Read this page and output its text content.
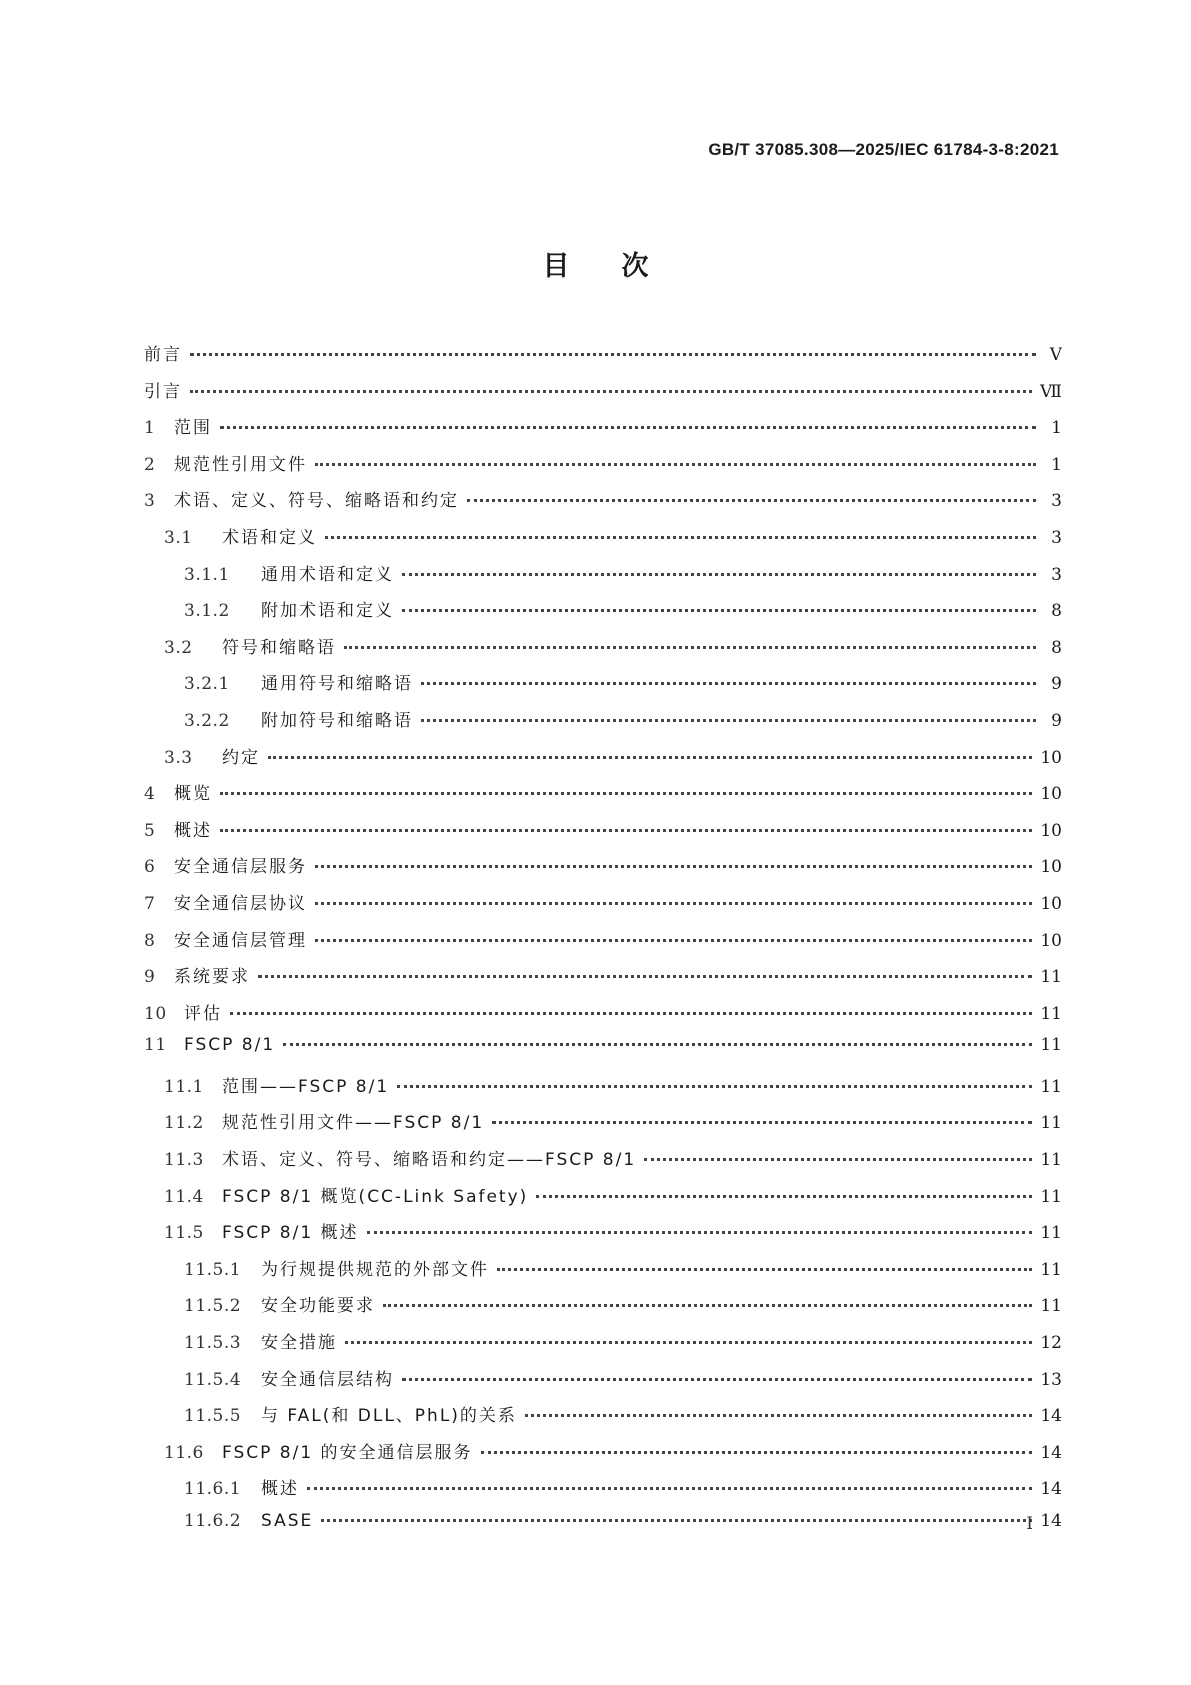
GB/T 37085.308—2025/IEC 61784-3-8:2021
目次
前言	Ⅴ
引言	Ⅶ
1	范围	1
2	规范性引用文件	1
3	术语、定义、符号、缩略语和约定	3
3.1	术语和定义	3
3.1.1	通用术语和定义	3
3.1.2	附加术语和定义	8
3.2	符号和缩略语	8
3.2.1	通用符号和缩略语	9
3.2.2	附加符号和缩略语	9
3.3	约定	10
4	概览	10
5	概述	10
6	安全通信层服务	10
7	安全通信层协议	10
8	安全通信层管理	10
9	系统要求	11
10	评估	11
11	FSCP 8/1	11
11.1	范围——FSCP 8/1	11
11.2	规范性引用文件——FSCP 8/1	11
11.3	术语、定义、符号、缩略语和约定——FSCP 8/1	11
11.4	FSCP 8/1 概览(CC-Link Safety)	11
11.5	FSCP 8/1 概述	11
11.5.1	为行规提供规范的外部文件	11
11.5.2	安全功能要求	11
11.5.3	安全措施	12
11.5.4	安全通信层结构	13
11.5.5	与 FAL(和 DLL、PhL)的关系	14
11.6	FSCP 8/1 的安全通信层服务	14
11.6.1	概述	14
11.6.2	SASE	14
Ⅰ
